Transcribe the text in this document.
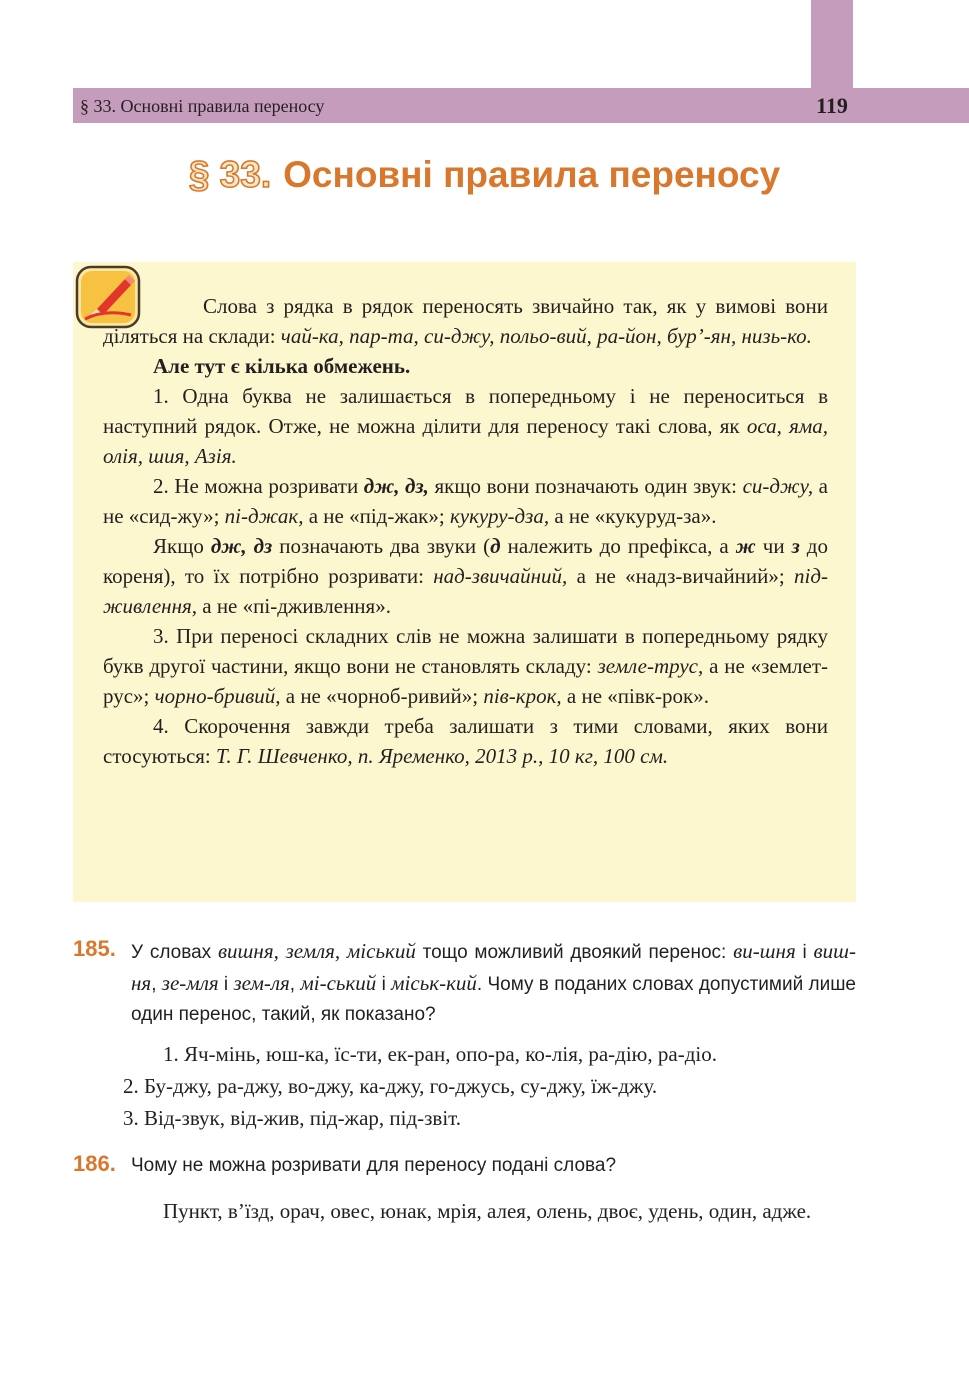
§ 33. Основні правила переносу	119
§ 33. Основні правила переносу

Слова з рядка в рядок переносять звичайно так, як у вимові вони діляться на склади: чай-ка, пар-та, си-джу, польо-вий, ра-йон, бур’-ян, низь-ко.

Але тут є кілька обмежень.

1. Одна буква не залишається в попередньому і не переноситься в наступний рядок. Отже, не можна ділити для переносу такі слова, як оса, яма, олія, шия, Азія.

2. Не можна розривати дж, дз, якщо вони позначають один звук: си-джу, а не «сид-жу»; пі-джак, а не «під-жак»; кукуру-дза, а не «кукуруд-за».

Якщо дж, дз позначають два звуки (д належить до префікса, а ж чи з до кореня), то їх потрібно розривати: над-звичайний, а не «надз-вичайний»; під-живлення, а не «пі-дживлення».

3. При переносі складних слів не можна залишати в попередньому рядку букв другої частини, якщо вони не становлять складу: земле-трус, а не «землет-рус»; чорно-бривий, а не «чорноб-ривий»; пів-крок, а не «півк-рок».

4. Скорочення завжди треба залишати з тими словами, яких вони стосуються: Т. Г. Шевченко, п. Яременко, 2013 р., 10 кг, 100 см.

185. У словах вишня, земля, міський тощо можливий двоякий перенос: ви-шня і виш-ня, зе-мля і зем-ля, мі-ський і міськ-кий. Чому в поданих словах допустимий лише один перенос, такий, як показано?

1. Яч-мінь, юш-ка, їс-ти, ек-ран, опо-ра, ко-лія, ра-дію, ра-діо.

2. Бу-джу, ра-джу, во-джу, ка-джу, го-джусь, су-джу, їж-джу.

3. Від-звук, від-жив, під-жар, під-звіт.

186. Чому не можна розривати для переносу подані слова?
Пункт, в’їзд, орач, овес, юнак, мрія, алея, олень, двоє, удень, один, адже.
